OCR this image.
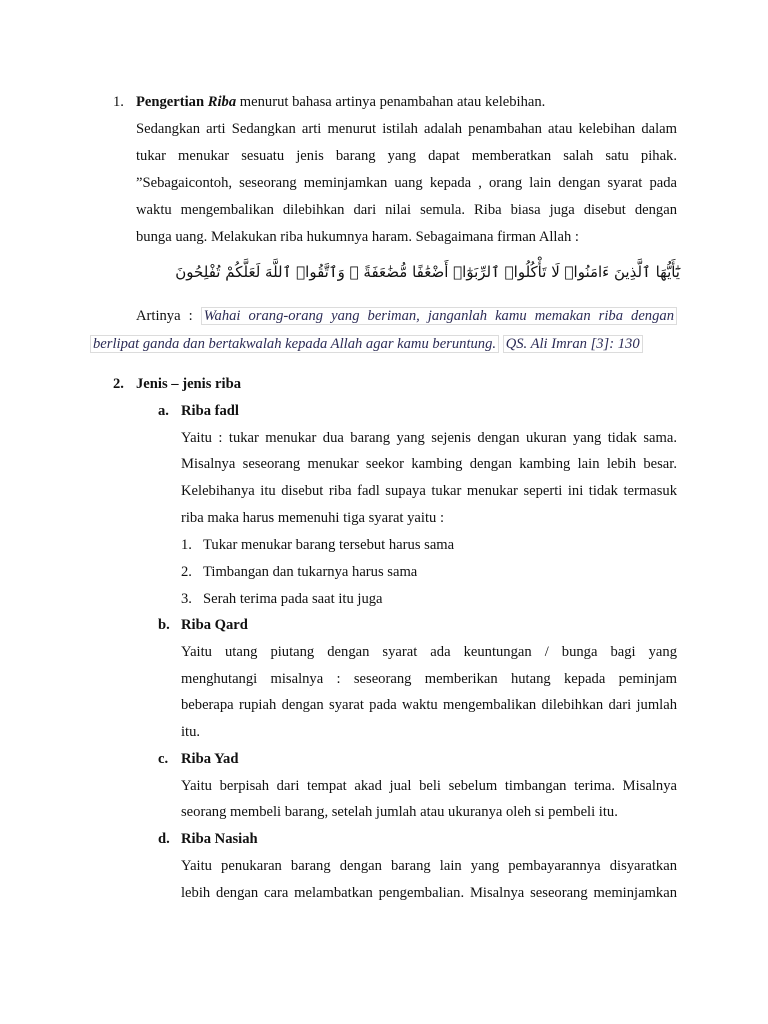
1. Pengertian Riba menurut bahasa artinya penambahan atau kelebihan.
Sedangkan arti Sedangkan arti menurut istilah adalah penambahan atau kelebihan dalam
tukar menukar sesuatu jenis barang yang dapat memberatkan salah satu pihak.
”Sebagaicontoh, seseorang meminjamkan uang kepada , orang lain dengan syarat pada
waktu mengembalikan dilebihkan dari nilai semula. Riba biasa juga disebut dengan
bunga uang. Melakukan riba hukumnya haram. Sebagaimana firman Allah :
يَٰٓأَيُّهَا ٱلَّذِينَ ءَامَنُوا۟ لَا تَأْكُلُوا۟ ٱلرِّبَوٰٓا۟ أَضْعَٰفًا مُّضَٰعَفَةً ۖ وَٱتَّقُوا۟ ٱللَّهَ لَعَلَّكُمْ تُفْلِحُونَ
Artinya : Wahai orang-orang yang beriman, janganlah kamu memakan riba dengan
berlipat ganda dan bertakwalah kepada Allah agar kamu beruntung. QS. Ali Imran [3]: 130
2. Jenis – jenis riba
a. Riba fadl
Yaitu : tukar menukar dua barang yang sejenis dengan ukuran yang tidak sama.
Misalnya seseorang menukar seekor kambing dengan kambing lain lebih besar.
Kelebihanya itu disebut riba fadl supaya tukar menukar seperti ini tidak termasuk
riba maka harus memenuhi tiga syarat yaitu :
1. Tukar menukar barang tersebut harus sama
2. Timbangan dan tukarnya harus sama
3. Serah terima pada saat itu juga
b. Riba Qard
Yaitu utang piutang dengan syarat ada keuntungan / bunga bagi yang
menghutangi misalnya : seseorang memberikan hutang kepada peminjam
beberapa rupiah dengan syarat pada waktu mengembalikan dilebihkan dari jumlah
itu.
c. Riba Yad
Yaitu berpisah dari tempat akad jual beli sebelum timbangan terima. Misalnya
seorang membeli barang, setelah jumlah atau ukuranya oleh si pembeli itu.
d. Riba Nasiah
Yaitu penukaran barang dengan barang lain yang pembayarannya disyaratkan
lebih dengan cara melambatkan pengembalian. Misalnya seseorang meminjamkan
